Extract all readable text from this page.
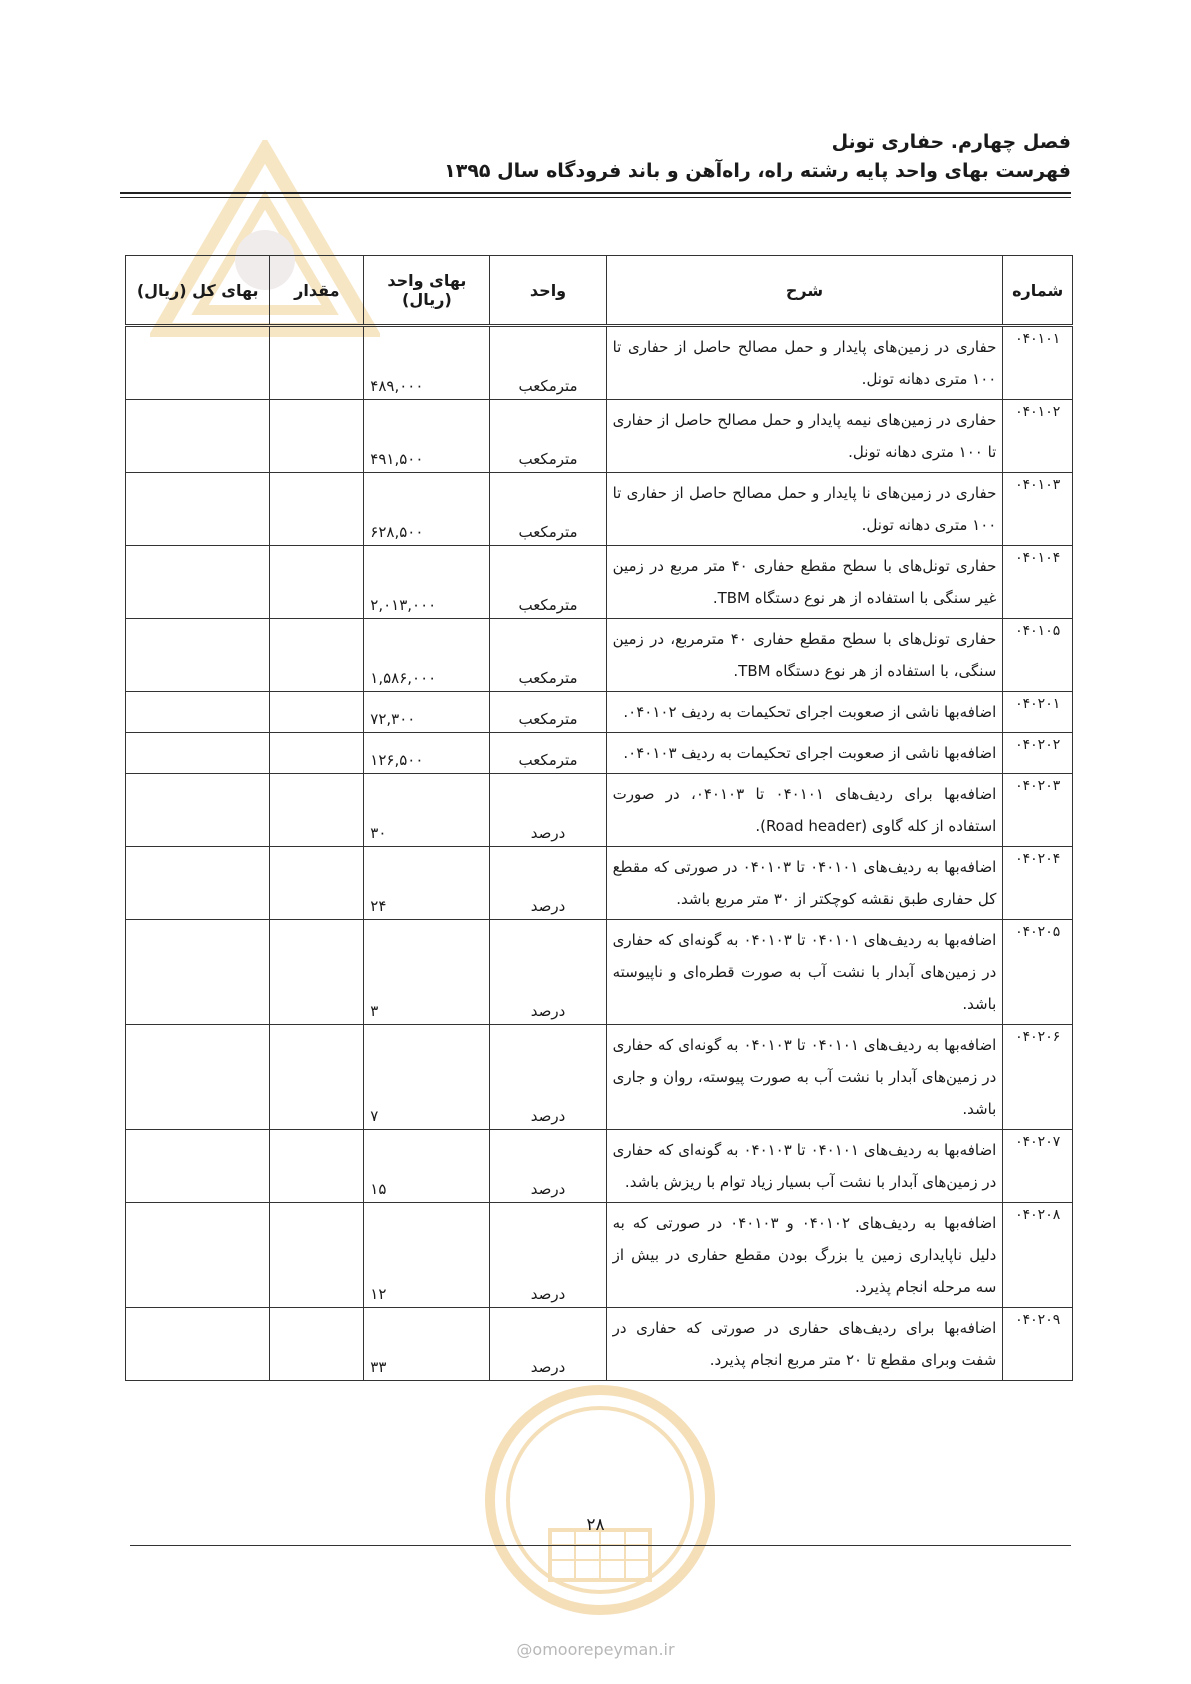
فصل چهارم. حفاری تونل

فهرست بهای واحد پایه رشته راه، راه‌آهن و باند فرودگاه سال ۱۳۹۵

شماره	شرح	واحد	بهای واحد (ریال)	مقدار	بهای کل (ریال)
۰۴۰۱۰۱	حفاری در زمین‌های پایدار و حمل مصالح حاصل از حفاری تا ۱۰۰ متری دهانه تونل.	مترمکعب	۴۸۹,۰۰۰		
۰۴۰۱۰۲	حفاری در زمین‌های نیمه پایدار و حمل مصالح حاصل از حفاری تا ۱۰۰ متری دهانه تونل.	مترمکعب	۴۹۱,۵۰۰		
۰۴۰۱۰۳	حفاری در زمین‌های نا پایدار و حمل مصالح حاصل از حفاری تا ۱۰۰ متری دهانه تونل.	مترمکعب	۶۲۸,۵۰۰		
۰۴۰۱۰۴	حفاری تونل‌های با سطح مقطع حفاری ۴۰ متر مربع در زمین غیر سنگی با استفاده از هر نوع دستگاه TBM.	مترمکعب	۲,۰۱۳,۰۰۰		
۰۴۰۱۰۵	حفاری تونل‌های با سطح مقطع حفاری ۴۰ مترمربع، در زمین سنگی، با استفاده از هر نوع دستگاه TBM.	مترمکعب	۱,۵۸۶,۰۰۰		
۰۴۰۲۰۱	اضافه‌بها ناشی از صعوبت اجرای تحکیمات به ردیف ۰۴۰۱۰۲.	مترمکعب	۷۲,۳۰۰		
۰۴۰۲۰۲	اضافه‌بها ناشی از صعوبت اجرای تحکیمات به ردیف ۰۴۰۱۰۳.	مترمکعب	۱۲۶,۵۰۰		
۰۴۰۲۰۳	اضافه‌بها برای ردیف‌های ۰۴۰۱۰۱ تا ۰۴۰۱۰۳، در صورت استفاده از کله گاوی (Road header).	درصد	۳۰		
۰۴۰۲۰۴	اضافه‌بها به ردیف‌های ۰۴۰۱۰۱ تا ۰۴۰۱۰۳ در صورتی که مقطع کل حفاری طبق نقشه کوچکتر از ۳۰ متر مربع باشد.	درصد	۲۴		
۰۴۰۲۰۵	اضافه‌بها به ردیف‌های ۰۴۰۱۰۱ تا ۰۴۰۱۰۳ به گونه‌ای که حفاری در زمین‌های آبدار با نشت آب به صورت قطره‌ای و ناپیوسته باشد.	درصد	۳		
۰۴۰۲۰۶	اضافه‌بها به ردیف‌های ۰۴۰۱۰۱ تا ۰۴۰۱۰۳ به گونه‌ای که حفاری در زمین‌های آبدار با نشت آب به صورت پیوسته، روان و جاری باشد.	درصد	۷		
۰۴۰۲۰۷	اضافه‌بها به ردیف‌های ۰۴۰۱۰۱ تا ۰۴۰۱۰۳ به گونه‌ای که حفاری در زمین‌های آبدار با نشت آب بسیار زیاد توام با ریزش باشد.	درصد	۱۵		
۰۴۰۲۰۸	اضافه‌بها به ردیف‌های ۰۴۰۱۰۲ و ۰۴۰۱۰۳ در صورتی که به دلیل ناپایداری زمین یا بزرگ بودن مقطع حفاری در بیش از سه مرحله انجام پذیرد.	درصد	۱۲		
۰۴۰۲۰۹	اضافه‌بها برای ردیف‌های حفاری در صورتی که حفاری در شفت وبرای مقطع تا ۲۰ متر مربع انجام پذیرد.	درصد	۳۳		
۲۸
@omoorepeyman.ir
